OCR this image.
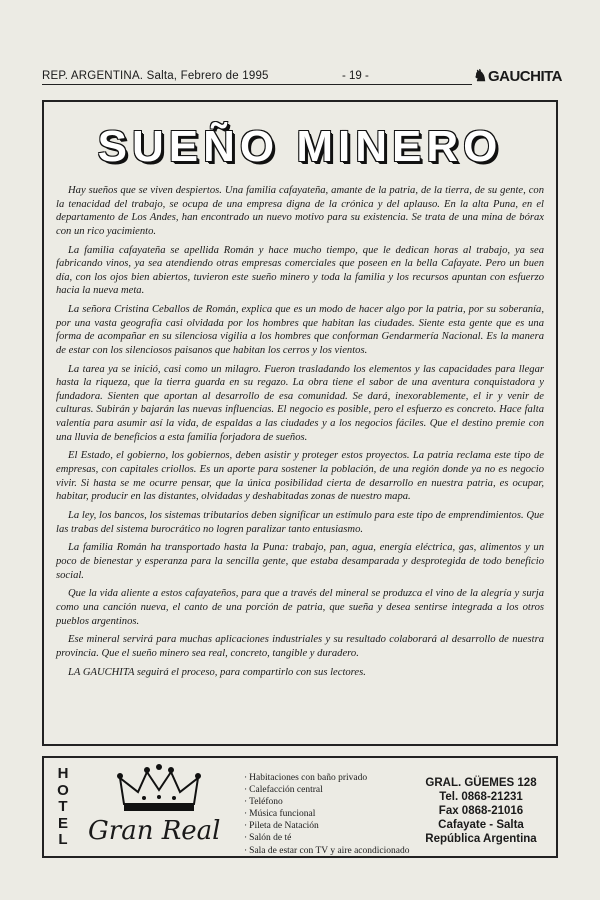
REP. ARGENTINA. Salta, Febrero de 1995	- 19 -	♞GAUCHITA
SUEÑO MINERO

Hay sueños que se viven despiertos. Una familia cafayateña, amante de la patria, de la tierra, de su gente, con la tenacidad del trabajo, se ocupa de una empresa digna de la crónica y del aplauso. En la alta Puna, en el departamento de Los Andes, han encontrado un nuevo motivo para su existencia. Se trata de una mina de bórax con un rico yacimiento.

La familia cafayateña se apellida Román y hace mucho tiempo, que le dedican horas al trabajo, ya sea fabricando vinos, ya sea atendiendo otras empresas comerciales que poseen en la bella Cafayate. Pero un buen día, con los ojos bien abiertos, tuvieron este sueño minero y toda la familia y los recursos apuntan con esfuerzo hacia la nueva meta.

La señora Cristina Ceballos de Román, explica que es un modo de hacer algo por la patria, por su soberanía, por una vasta geografía casi olvidada por los hombres que habitan las ciudades. Siente esta gente que es una forma de acompañar en su silenciosa vigilia a los hombres que conforman Gendarmería Nacional. Es la manera de estar con los silenciosos paisanos que habitan los cerros y los vientos.

La tarea ya se inició, casi como un milagro. Fueron trasladando los elementos y las capacidades para llegar hasta la riqueza, que la tierra guarda en su regazo. La obra tiene el sabor de una aventura conquistadora y fundadora. Sienten que aportan al desarrollo de esa comunidad. Se dará, inexorablemente, el ir y venir de culturas. Subirán y bajarán las nuevas influencias. El negocio es posible, pero el esfuerzo es concreto. Hace falta valentía para asumir así la vida, de espaldas a las ciudades y a los negocios fáciles. Que el destino premie con una lluvia de beneficios a esta familia forjadora de sueños.

El Estado, el gobierno, los gobiernos, deben asistir y proteger estos proyectos. La patria reclama este tipo de empresas, con capitales criollos. Es un aporte para sostener la población, de una región donde ya no es negocio vivir. Si hasta se me ocurre pensar, que la única posibilidad cierta de desarrollo en nuestra patria, es ocupar, habitar, producir en las distantes, olvidadas y deshabitadas zonas de nuestro mapa.

La ley, los bancos, los sistemas tributarios deben significar un estímulo para este tipo de emprendimientos. Que las trabas del sistema burocrático no logren paralizar tanto entusiasmo.

La familia Román ha transportado hasta la Puna: trabajo, pan, agua, energía eléctrica, gas, alimentos y un poco de bienestar y esperanza para la sencilla gente, que estaba desamparada y desprotegida de todo beneficio social.

Que la vida aliente a estos cafayateños, para que a través del mineral se produzca el vino de la alegría y surja como una canción nueva, el canto de una porción de patria, que sueña y desea sentirse integrada a los otros pueblos argentinos.

Ese mineral servirá para muchas aplicaciones industriales y su resultado colaborará al desarrollo de nuestra provincia. Que el sueño minero sea real, concreto, tangible y duradero.

LA GAUCHITA seguirá el proceso, para compartirlo con sus lectores.

H
O
T
E
L Gran Real
· Habitaciones con baño privado
· Calefacción central
· Teléfono
· Música funcional
· Pileta de Natación
· Salón de té
· Sala de estar con TV y aire acondicionado
GRAL. GÜEMES 128
Tel. 0868-21231
Fax 0868-21016
Cafayate - Salta
República Argentina
